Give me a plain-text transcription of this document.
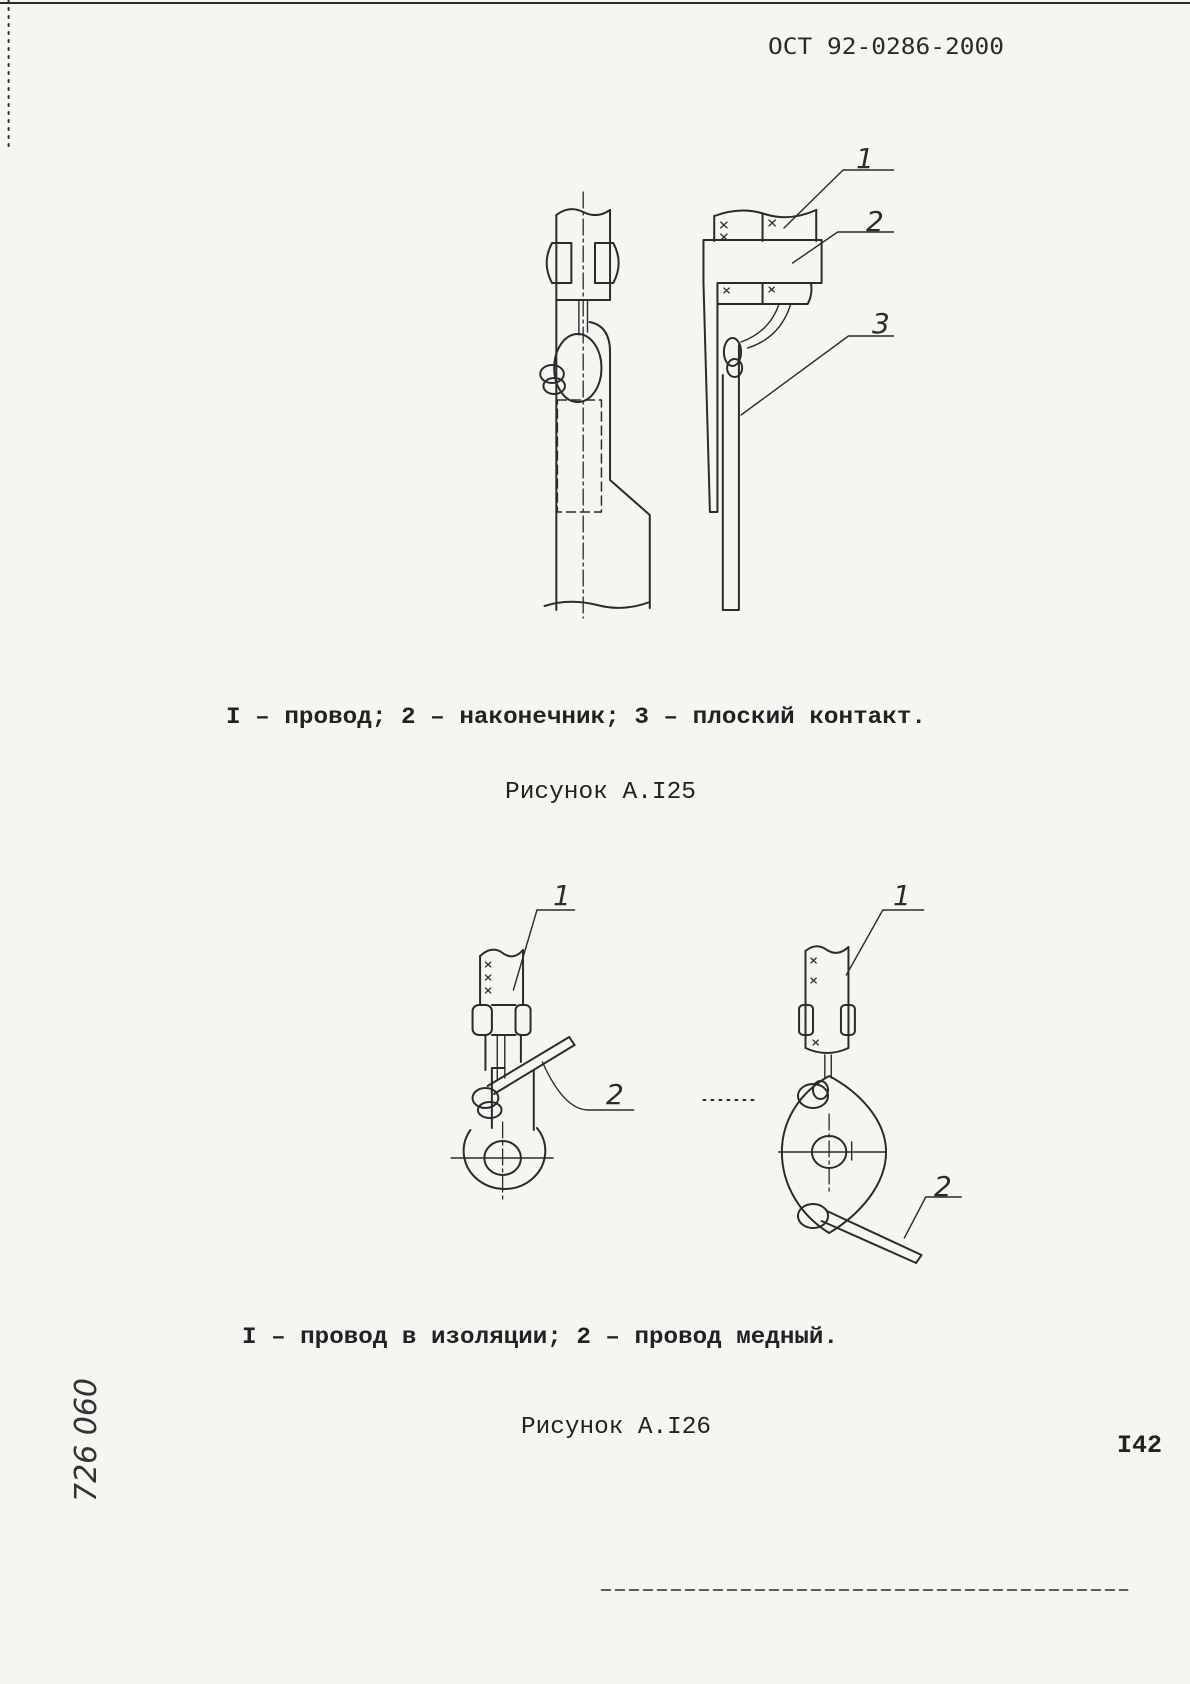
ОСТ 92-0286-2000
1
2
3
I – провод; 2 – наконечник; 3 – плоский контакт.
Рисунок А.I25
1
2
1
2
I – провод в изоляции; 2 – провод медный.
Рисунок А.I26
I42
726 060
